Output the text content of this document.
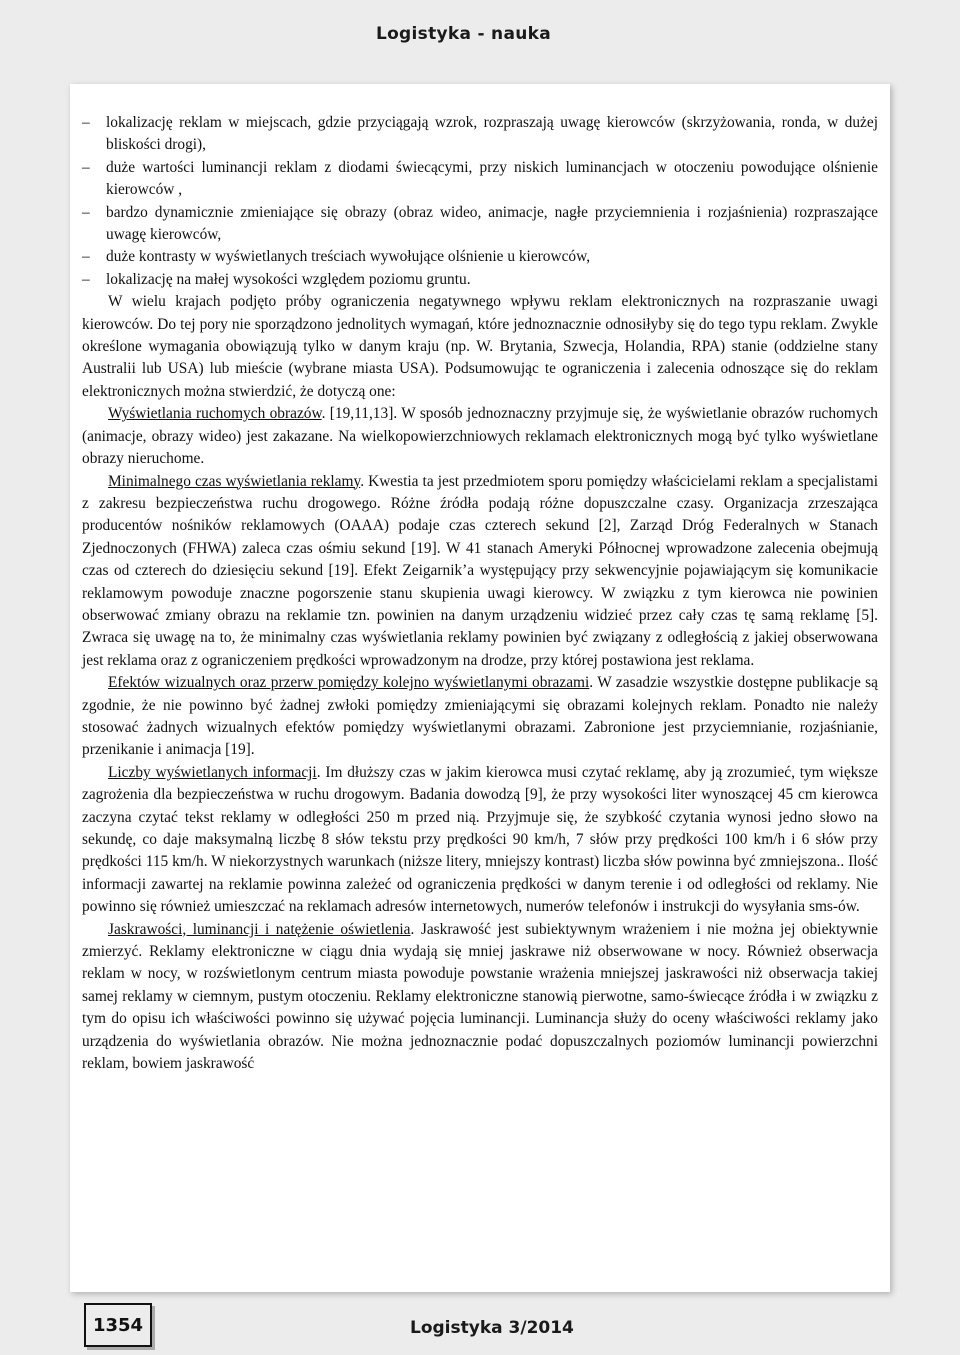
Logistyka - nauka
– lokalizację reklam w miejscach, gdzie przyciągają wzrok, rozpraszają uwagę kierowców (skrzyżowania, ronda, w dużej bliskości drogi),
– duże wartości luminancji reklam z diodami świecącymi, przy niskich luminancjach w otoczeniu powodujące olśnienie kierowców ,
– bardzo dynamicznie zmieniające się obrazy (obraz wideo, animacje, nagłe przyciemnienia i rozjaśnienia) rozpraszające uwagę kierowców,
– duże kontrasty w wyświetlanych treściach wywołujące olśnienie u kierowców,
– lokalizację na małej wysokości względem poziomu gruntu.

W wielu krajach podjęto próby ograniczenia negatywnego wpływu reklam elektronicznych na rozpraszanie uwagi kierowców. Do tej pory nie sporządzono jednolitych wymagań, które jednoznacznie odnosiłyby się do tego typu reklam. Zwykle określone wymagania obowiązują tylko w danym kraju (np. W. Brytania, Szwecja, Holandia, RPA) stanie (oddzielne stany Australii lub USA) lub mieście (wybrane miasta USA). Podsumowując te ograniczenia i zalecenia odnoszące się do reklam elektronicznych można stwierdzić, że dotyczą one:

Wyświetlania ruchomych obrazów. [19,11,13]. W sposób jednoznaczny przyjmuje się, że wyświetlanie obrazów ruchomych (animacje, obrazy wideo) jest zakazane. Na wielkopowierzchniowych reklamach elektronicznych mogą być tylko wyświetlane obrazy nieruchome.

Minimalnego czas wyświetlania reklamy. Kwestia ta jest przedmiotem sporu pomiędzy właścicielami reklam a specjalistami z zakresu bezpieczeństwa ruchu drogowego. Różne źródła podają różne dopuszczalne czasy. Organizacja zrzeszająca producentów nośników reklamowych (OAAA) podaje czas czterech sekund [2], Zarząd Dróg Federalnych w Stanach Zjednoczonych (FHWA) zaleca czas ośmiu sekund [19]. W 41 stanach Ameryki Północnej wprowadzone zalecenia obejmują czas od czterech do dziesięciu sekund [19]. Efekt Zeigarnik’a występujący przy sekwencyjnie pojawiającym się komunikacie reklamowym powoduje znaczne pogorszenie stanu skupienia uwagi kierowcy. W związku z tym kierowca nie powinien obserwować zmiany obrazu na reklamie tzn. powinien na danym urządzeniu widzieć przez cały czas tę samą reklamę [5]. Zwraca się uwagę na to, że minimalny czas wyświetlania reklamy powinien być związany z odległością z jakiej obserwowana jest reklama oraz z ograniczeniem prędkości wprowadzonym na drodze, przy której postawiona jest reklama.

Efektów wizualnych oraz przerw pomiędzy kolejno wyświetlanymi obrazami. W zasadzie wszystkie dostępne publikacje są zgodnie, że nie powinno być żadnej zwłoki pomiędzy zmieniającymi się obrazami kolejnych reklam. Ponadto nie należy stosować żadnych wizualnych efektów pomiędzy wyświetlanymi obrazami. Zabronione jest przyciemnianie, rozjaśnianie, przenikanie i animacja [19].

Liczby wyświetlanych informacji. Im dłuższy czas w jakim kierowca musi czytać reklamę, aby ją zrozumieć, tym większe zagrożenia dla bezpieczeństwa w ruchu drogowym. Badania dowodzą [9], że przy wysokości liter wynoszącej 45 cm kierowca zaczyna czytać tekst reklamy w odległości 250 m przed nią. Przyjmuje się, że szybkość czytania wynosi jedno słowo na sekundę, co daje maksymalną liczbę 8 słów tekstu przy prędkości 90 km/h, 7 słów przy prędkości 100 km/h i 6 słów przy prędkości 115 km/h. W niekorzystnych warunkach (niższe litery, mniejszy kontrast) liczba słów powinna być zmniejszona.. Ilość informacji zawartej na reklamie powinna zależeć od ograniczenia prędkości w danym terenie i od odległości od reklamy. Nie powinno się również umieszczać na reklamach adresów internetowych, numerów telefonów i instrukcji do wysyłania sms-ów.

Jaskrawości, luminancji i natężenie oświetlenia. Jaskrawość jest subiektywnym wrażeniem i nie można jej obiektywnie zmierzyć. Reklamy elektroniczne w ciągu dnia wydają się mniej jaskrawe niż obserwowane w nocy. Również obserwacja reklam w nocy, w rozświetlonym centrum miasta powoduje powstanie wrażenia mniejszej jaskrawości niż obserwacja takiej samej reklamy w ciemnym, pustym otoczeniu. Reklamy elektroniczne stanowią pierwotne, samo-świecące źródła i w związku z tym do opisu ich właściwości powinno się używać pojęcia luminancji. Luminancja służy do oceny właściwości reklamy jako urządzenia do wyświetlania obrazów. Nie można jednoznacznie podać dopuszczalnych poziomów luminancji powierzchni reklam, bowiem jaskrawość

1354	Logistyka 3/2014
